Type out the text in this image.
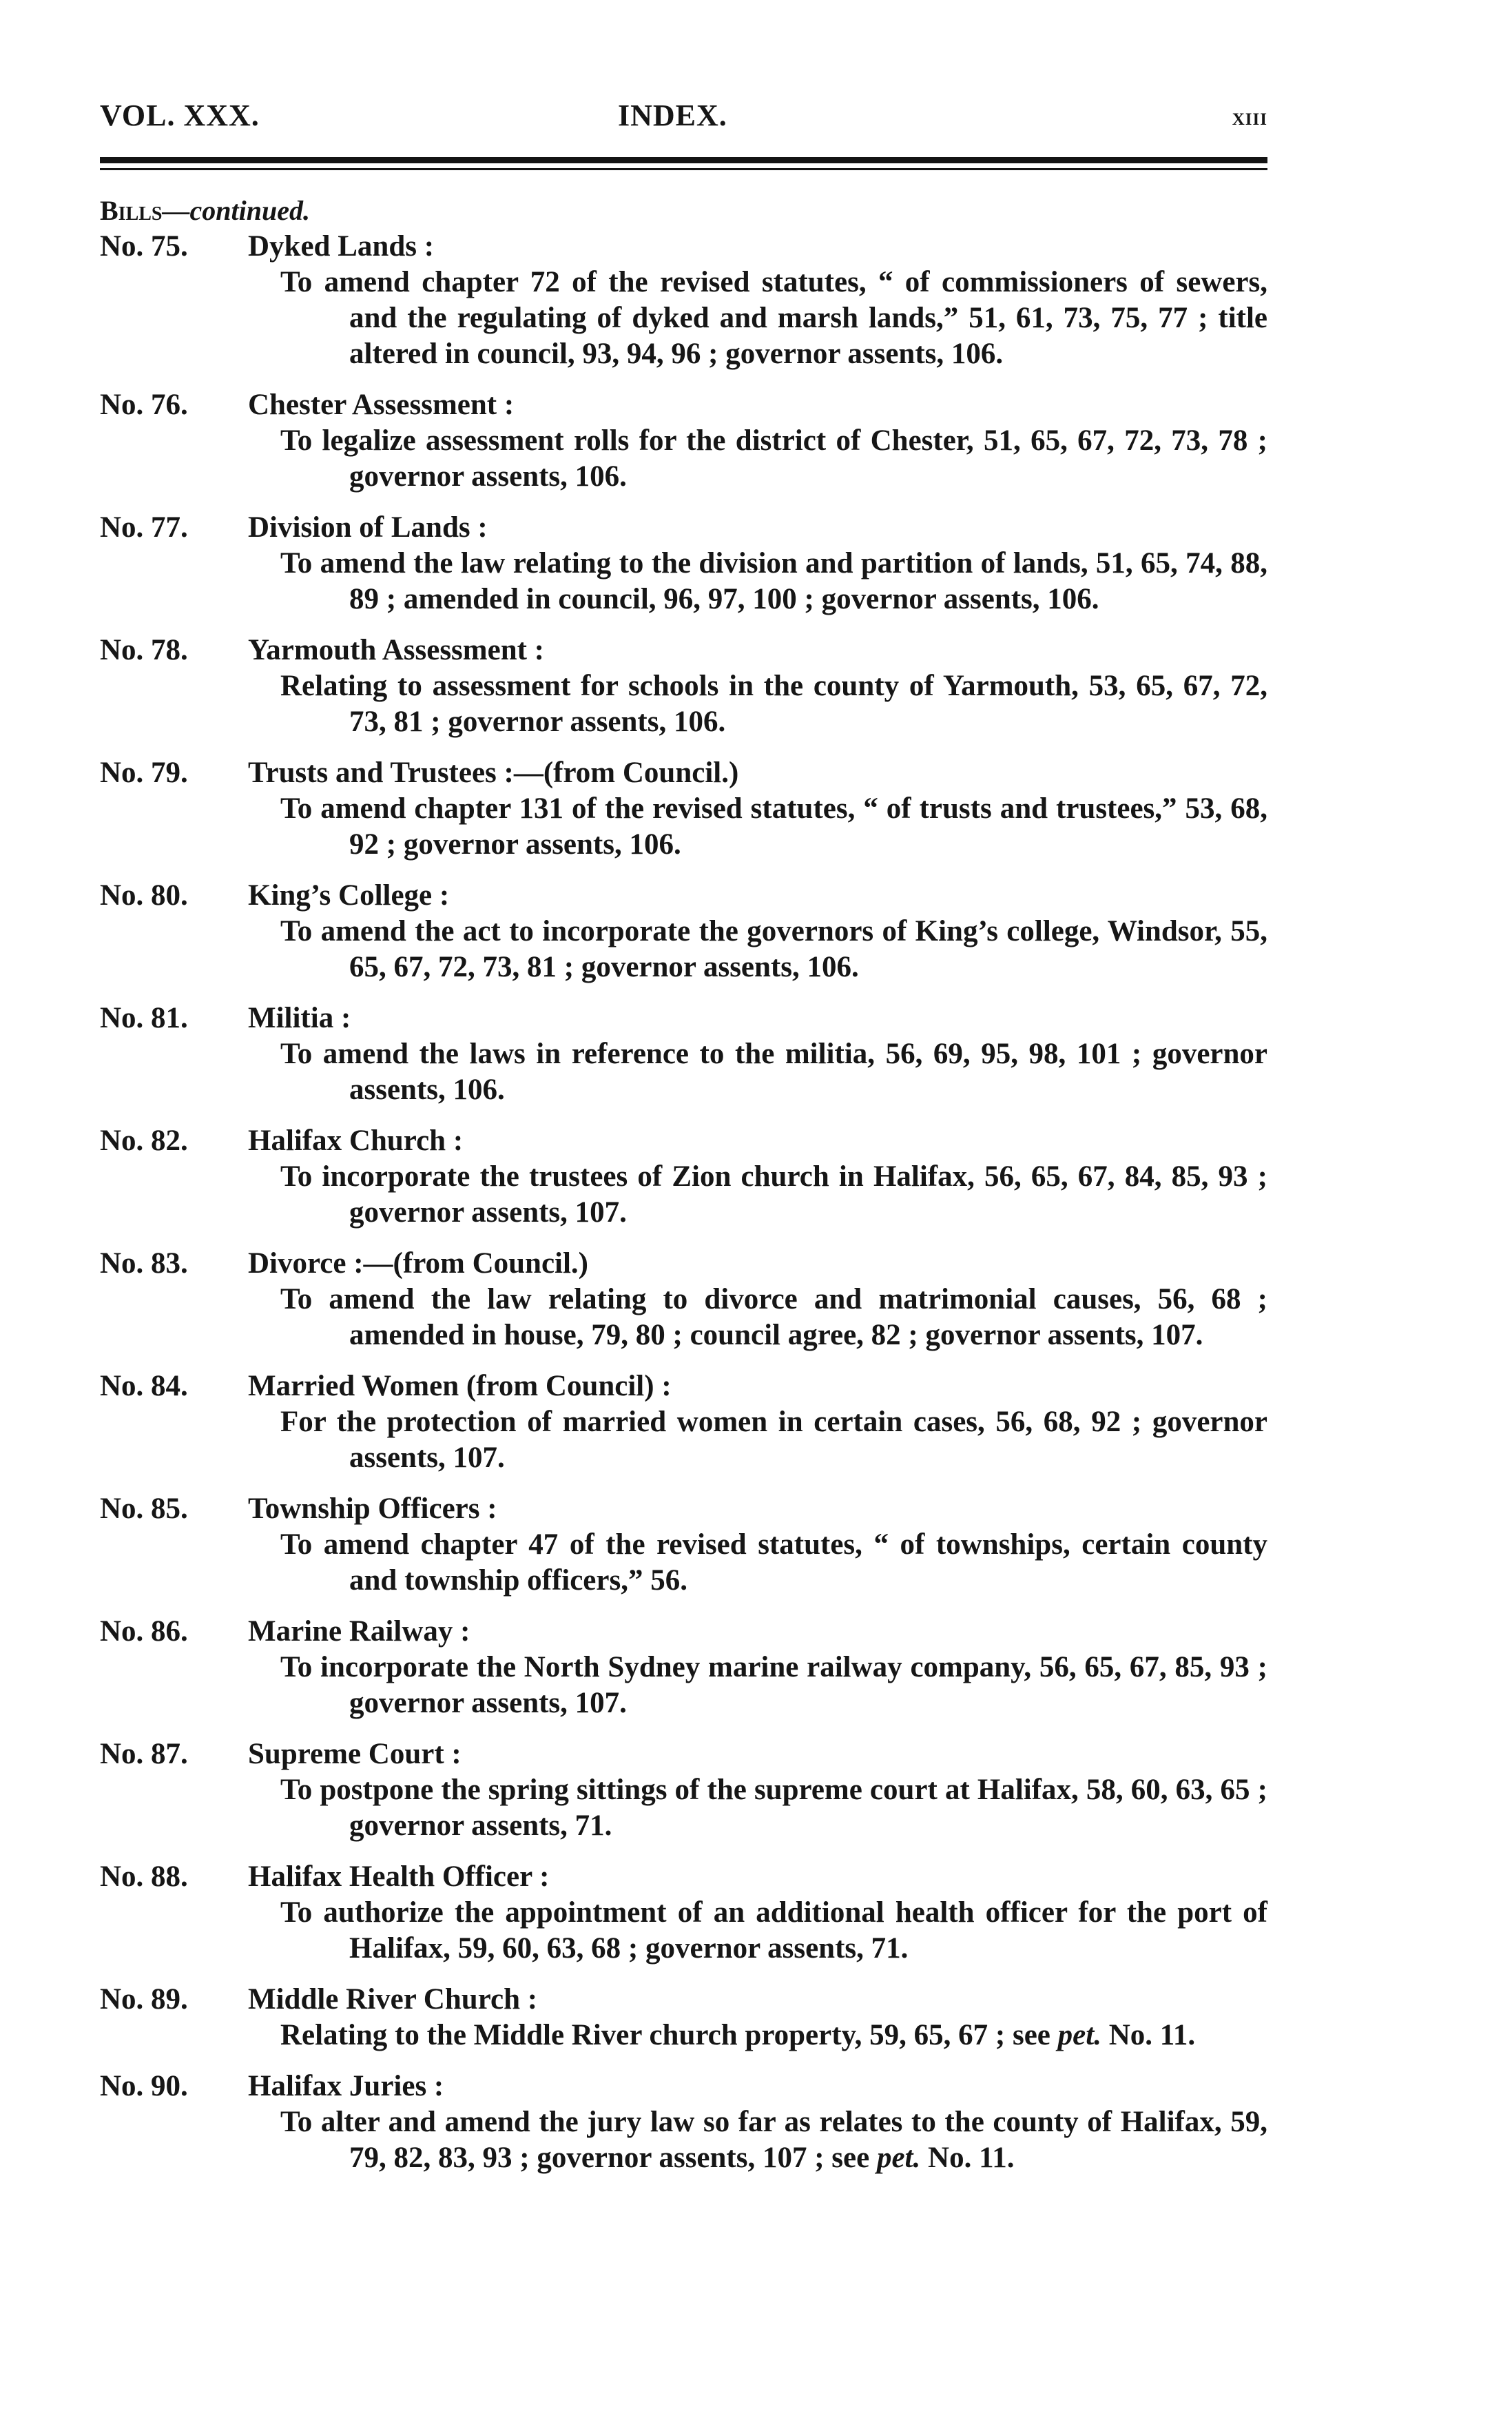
VOL. XXX.	INDEX.	xiii
Bills—continued.
No. 75. Dyked Lands :
To amend chapter 72 of the revised statutes, “ of commissioners of sewers, and the regulating of dyked and marsh lands,” 51, 61, 73, 75, 77 ; title altered in council, 93, 94, 96 ; governor assents, 106.
No. 76. Chester Assessment :
To legalize assessment rolls for the district of Chester, 51, 65, 67, 72, 73, 78 ; governor assents, 106.
No. 77. Division of Lands :
To amend the law relating to the division and partition of lands, 51, 65, 74, 88, 89 ; amended in council, 96, 97, 100 ; governor assents, 106.
No. 78. Yarmouth Assessment :
Relating to assessment for schools in the county of Yarmouth, 53, 65, 67, 72, 73, 81 ; governor assents, 106.
No. 79. Trusts and Trustees :—(from Council.)
To amend chapter 131 of the revised statutes, “ of trusts and trustees,” 53, 68, 92 ; governor assents, 106.
No. 80. King’s College :
To amend the act to incorporate the governors of King’s college, Windsor, 55, 65, 67, 72, 73, 81 ; governor assents, 106.
No. 81. Militia :
To amend the laws in reference to the militia, 56, 69, 95, 98, 101 ; governor assents, 106.
No. 82. Halifax Church :
To incorporate the trustees of Zion church in Halifax, 56, 65, 67, 84, 85, 93 ; governor assents, 107.
No. 83. Divorce :—(from Council.)
To amend the law relating to divorce and matrimonial causes, 56, 68 ; amended in house, 79, 80 ; council agree, 82 ; governor assents, 107.
No. 84. Married Women (from Council) :
For the protection of married women in certain cases, 56, 68, 92 ; governor assents, 107.
No. 85. Township Officers :
To amend chapter 47 of the revised statutes, “ of townships, certain county and township officers,” 56.
No. 86. Marine Railway :
To incorporate the North Sydney marine railway company, 56, 65, 67, 85, 93 ; governor assents, 107.
No. 87. Supreme Court :
To postpone the spring sittings of the supreme court at Halifax, 58, 60, 63, 65 ; governor assents, 71.
No. 88. Halifax Health Officer :
To authorize the appointment of an additional health officer for the port of Halifax, 59, 60, 63, 68 ; governor assents, 71.
No. 89. Middle River Church :
Relating to the Middle River church property, 59, 65, 67 ; see pet. No. 11.
No. 90. Halifax Juries :
To alter and amend the jury law so far as relates to the county of Halifax, 59, 79, 82, 83, 93 ; governor assents, 107 ; see pet. No. 11.
